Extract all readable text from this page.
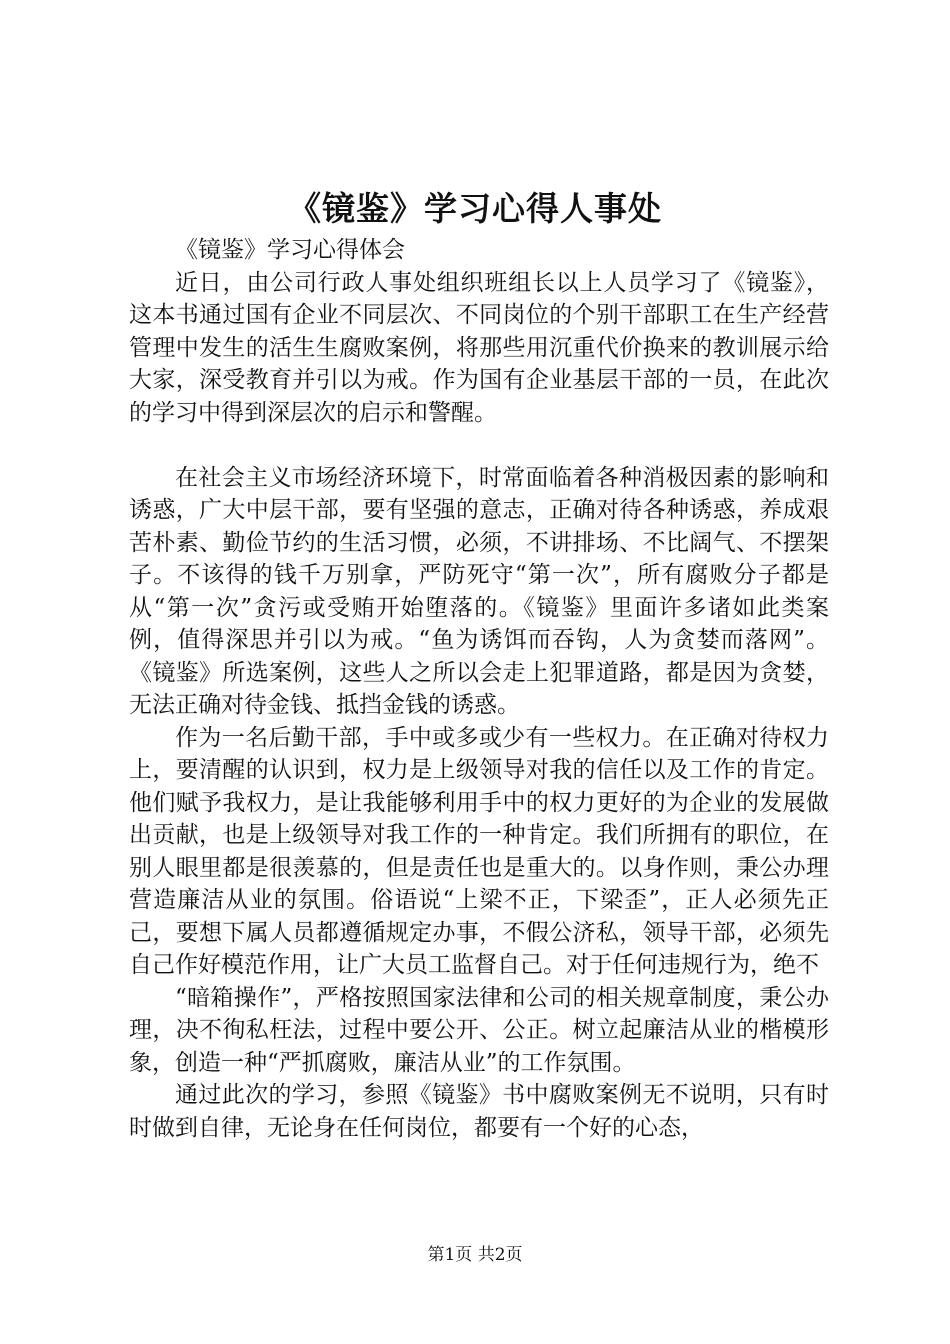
《镜鉴》学习心得人事处

《镜鉴》学习心得体会

近日，由公司行政人事处组织班组长以上人员学习了《镜鉴》，这本书通过国有企业不同层次、不同岗位的个别干部职工在生产经营管理中发生的活生生腐败案例，将那些用沉重代价换来的教训展示给大家，深受教育并引以为戒。作为国有企业基层干部的一员，在此次的学习中得到深层次的启示和警醒。

在社会主义市场经济环境下，时常面临着各种消极因素的影响和诱惑，广大中层干部，要有坚强的意志，正确对待各种诱惑，养成艰苦朴素、勤俭节约的生活习惯，必须，不讲排场、不比阔气、不摆架子。不该得的钱千万别拿，严防死守“第一次”，所有腐败分子都是从“第一次”贪污或受贿开始堕落的。《镜鉴》里面许多诸如此类案例，值得深思并引以为戒。“鱼为诱饵而吞钩，人为贪婪而落网”。《镜鉴》所选案例，这些人之所以会走上犯罪道路，都是因为贪婪，无法正确对待金钱、抵挡金钱的诱惑。

作为一名后勤干部，手中或多或少有一些权力。在正确对待权力上，要清醒的认识到，权力是上级领导对我的信任以及工作的肯定。他们赋予我权力，是让我能够利用手中的权力更好的为企业的发展做出贡献，也是上级领导对我工作的一种肯定。我们所拥有的职位，在别人眼里都是很羡慕的，但是责任也是重大的。以身作则，秉公办理营造廉洁从业的氛围。俗语说“上梁不正，下梁歪”，正人必须先正己，要想下属人员都遵循规定办事，不假公济私，领导干部，必须先自己作好模范作用，让广大员工监督自己。对于任何违规行为，绝不

“暗箱操作”，严格按照国家法律和公司的相关规章制度，秉公办理，决不徇私枉法，过程中要公开、公正。树立起廉洁从业的楷模形象，创造一种“严抓腐败，廉洁从业”的工作氛围。

通过此次的学习，参照《镜鉴》书中腐败案例无不说明，只有时时做到自律，无论身在任何岗位，都要有一个好的心态，

第1页 共2页
